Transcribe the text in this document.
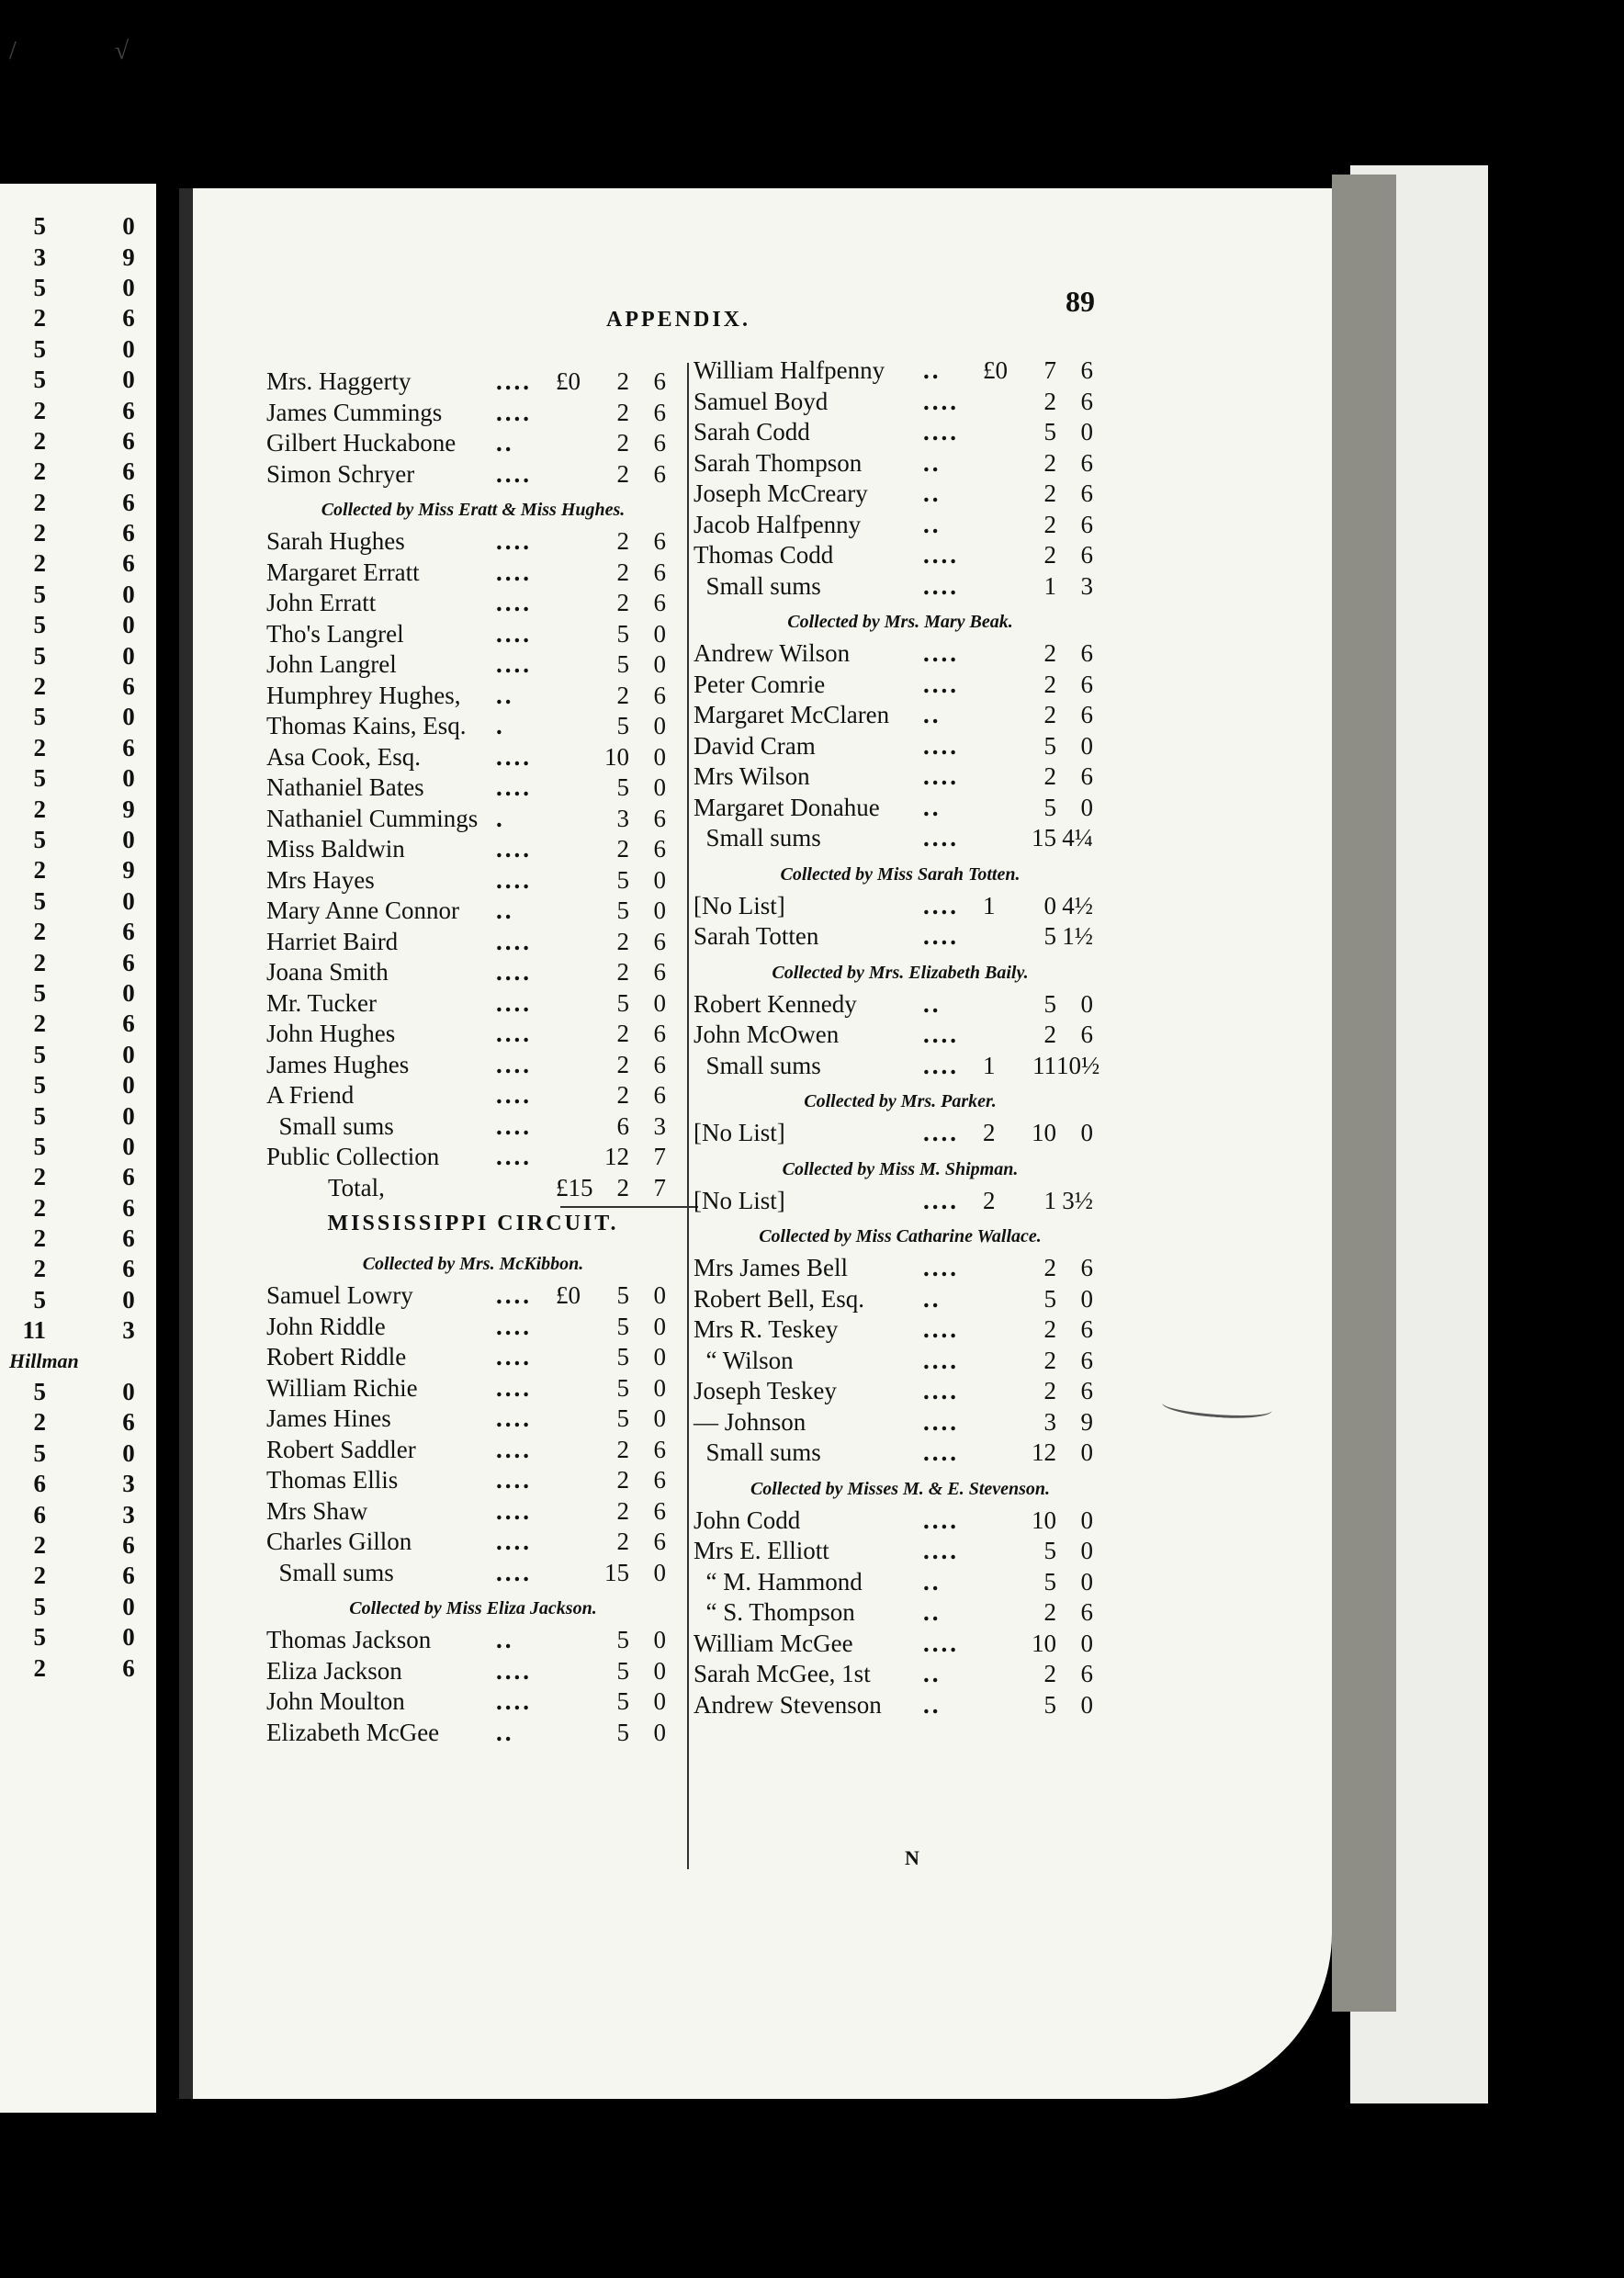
/ √
5	0
3	9
5	0
2	6
5	0
5	0
2	6
2	6
2	6
2	6
2	6
2	6
5	0
5	0
5	0
2	6
5	0
2	6
5	0
2	9
5	0
2	9
5	0
2	6
2	6
5	0
2	6
5	0
5	0
5	0
5	0
2	6
2	6
2	6
2	6
5	0
11	3
Hillman
5	0
2	6
5	0
6	3
6	3
2	6
2	6
5	0
5	0
2	6
APPENDIX.
89
Mrs. Haggerty	.... £0	2 6
James Cummings ....	2 6
Gilbert Huckabone ..	2 6
Simon Schryer	....	2 6
Collected by Miss Eratt & Miss Hughes.
Sarah Hughes	....	2 6
Margaret Erratt	....	2 6
John Erratt	....	2 6
Tho's Langrel	....	5 0
John Langrel	....	5 0
Humphrey Hughes, ..	2 6
Thomas Kains, Esq. .	5 0
Asa Cook, Esq.	....	10 0
Nathaniel Bates	....	5 0
Nathaniel Cummings .	3 6
Miss Baldwin	....	2 6
Mrs Hayes	....	5 0
Mary Anne Connor ..	5 0
Harriet Baird	....	2 6
Joana Smith	....	2 6
Mr. Tucker	....	5 0
John Hughes	....	2 6
James Hughes	....	2 6
A Friend	....	2 6
Small sums	....	6 3
Public Collection ....	12 7
Total,	£15 2 7
MISSISSIPPI CIRCUIT.
Collected by Mrs. McKibbon.
Samuel Lowry	.... £0	5 0
John Riddle	....	5 0
Robert Riddle	....	5 0
William Richie	....	5 0
James Hines	....	5 0
Robert Saddler	....	2 6
Thomas Ellis	....	2 6
Mrs Shaw	....	2 6
Charles Gillon	....	2 6
Small sums	....	15 0
Collected by Miss Eliza Jackson.
Thomas Jackson	..	5 0
Eliza Jackson	....	5 0
John Moulton	....	5 0
Elizabeth McGee ..	5 0
William Halfpenny .. £0	7 6
Samuel Boyd	....	2 6
Sarah Codd	....	5 0
Sarah Thompson ..	2 6
Joseph McCreary ..	2 6
Jacob Halfpenny	..	2 6
Thomas Codd	....	2 6
Small sums	....	1 3
Collected by Mrs. Mary Beak.
Andrew Wilson	....	2 6
Peter Comrie	....	2 6
Margaret McClaren ..	2 6
David Cram	....	5 0
Mrs Wilson	....	2 6
Margaret Donahue ..	5 0
Small sums	....	15 4¼
Collected by Miss Sarah Totten.
[No List]	.... 1	0 4½
Sarah Totten	....	5 1½
Collected by Mrs. Elizabeth Baily.
Robert Kennedy	..	5 0
John McOwen	....	2 6
Small sums	.... 1	11 10½
Collected by Mrs. Parker.
[No List]	.... 2	10 0
Collected by Miss M. Shipman.
[No List]	.... 2	1 3½
Collected by Miss Catharine Wallace.
Mrs James Bell	....	2 6
Robert Bell, Esq. ..	5 0
Mrs R. Teskey	....	2 6
“ Wilson	....	2 6
Joseph Teskey	....	2 6
— Johnson	....	3 9
Small sums	....	12 0
Collected by Misses M. & E. Stevenson.
John Codd	....	10 0
Mrs E. Elliott	....	5 0
“ M. Hammond ..	5 0
“ S. Thompson	..	2 6
William McGee	....	10 0
Sarah McGee, 1st ..	2 6
Andrew Stevenson ..	5 0
N
